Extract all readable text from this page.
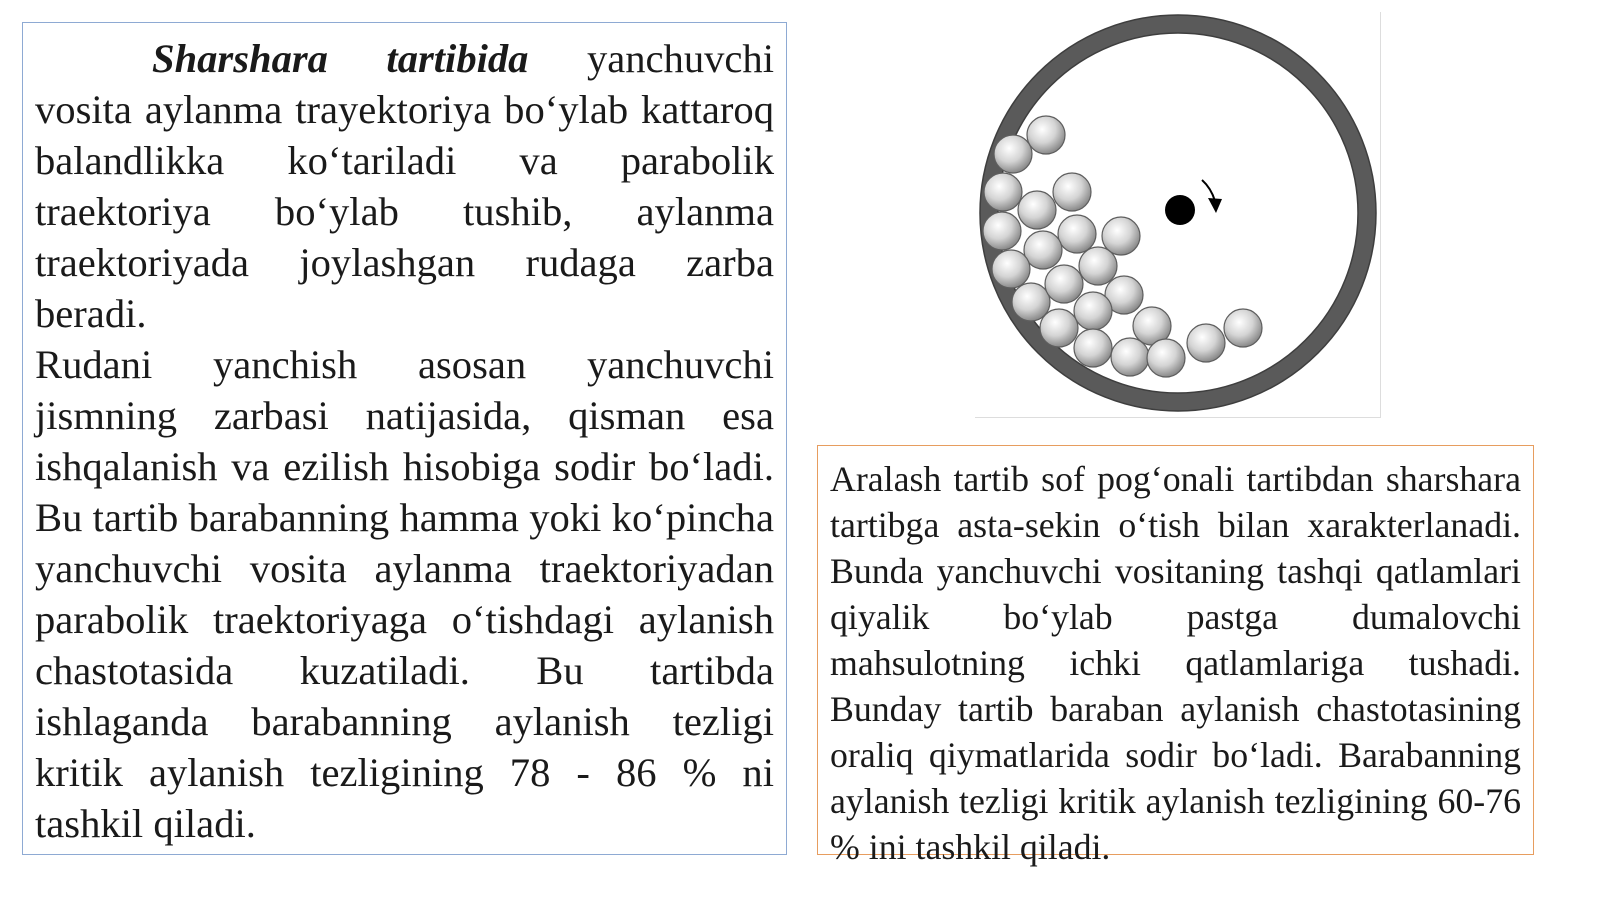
Sharshara tartibida yanchuvchi vosita aylanma trayektoriya bo‘ylab kattaroq balandlikka ko‘tariladi va parabolik traektoriya bo‘ylab tushib, aylanma traektoriyada joylashgan rudaga zarba beradi.

Rudani yanchish asosan yanchuvchi jismning zarbasi natijasida, qisman esa ishqalanish va ezilish hisobiga sodir bo‘ladi. Bu tartib barabanning hamma yoki ko‘pincha yanchuvchi vosita aylanma traektoriyadan parabolik traektoriyaga o‘tishdagi aylanish chastotasida kuzatiladi. Bu tartibda ishlaganda barabanning aylanish tezligi kritik aylanish tezligining 78 - 86 % ni tashkil qiladi.

Aralash tartib sof pog‘onali tartibdan sharshara tartibga asta-sekin o‘tish bilan xarakterlanadi. Bunda yanchuvchi vositaning tashqi qatlamlari qiyalik bo‘ylab pastga dumalovchi mahsulotning ichki qatlamlariga tushadi. Bunday tartib baraban aylanish chastotasining oraliq qiymatlarida sodir bo‘ladi. Barabanning aylanish tezligi kritik aylanish tezligining 60-76 % ini tashkil qiladi.
